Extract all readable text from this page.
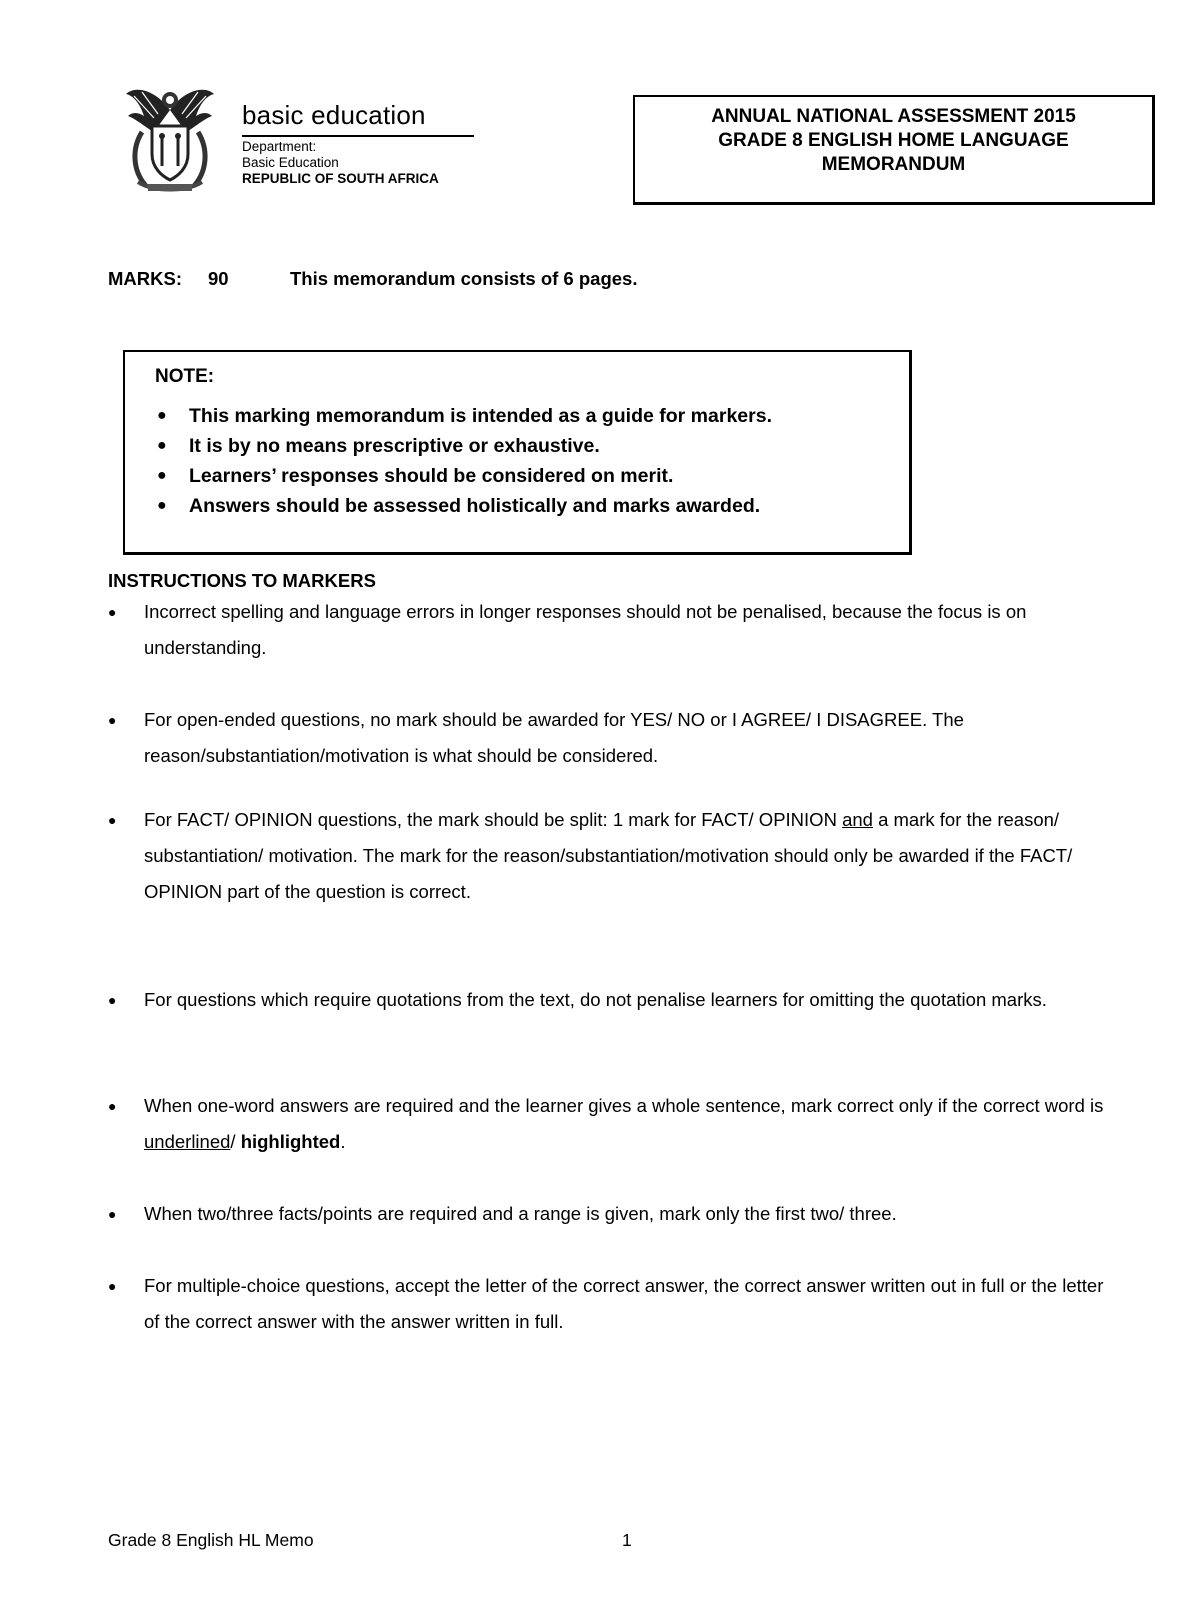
basic education
Department:
Basic Education
REPUBLIC OF SOUTH AFRICA
ANNUAL NATIONAL ASSESSMENT 2015
GRADE 8 ENGLISH HOME LANGUAGE
MEMORANDUM
MARKS: 90	This memorandum consists of 6 pages.
NOTE:
● This marking memorandum is intended as a guide for markers.
● It is by no means prescriptive or exhaustive.
● Learners’ responses should be considered on merit.
● Answers should be assessed holistically and marks awarded.
INSTRUCTIONS TO MARKERS
● Incorrect spelling and language errors in longer responses should not be penalised, because the focus is on understanding.
● For open-ended questions, no mark should be awarded for YES/ NO or I AGREE/ I DISAGREE. The reason/substantiation/motivation is what should be considered.
● For FACT/ OPINION questions, the mark should be split: 1 mark for FACT/ OPINION and a mark for the reason/ substantiation/ motivation. The mark for the reason/substantiation/motivation should only be awarded if the FACT/ OPINION part of the question is correct.
● For questions which require quotations from the text, do not penalise learners for omitting the quotation marks.
● When one-word answers are required and the learner gives a whole sentence, mark correct only if the correct word is underlined/ highlighted.
● When two/three facts/points are required and a range is given, mark only the first two/ three.
● For multiple-choice questions, accept the letter of the correct answer, the correct answer written out in full or the letter of the correct answer with the answer written in full.
Grade 8 English HL Memo	1
